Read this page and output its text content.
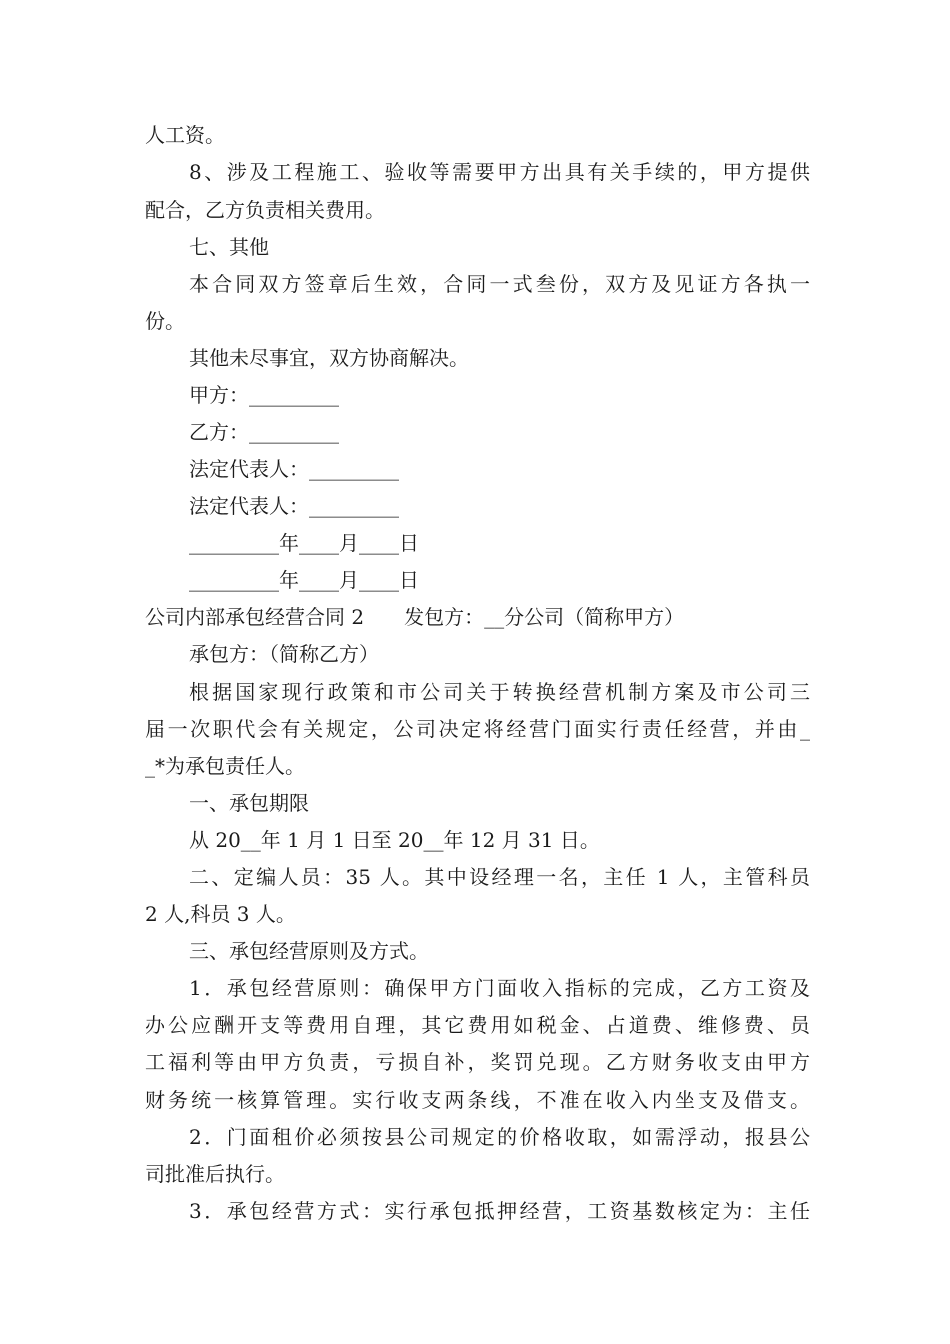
人工资。
8、涉及工程施工、验收等需要甲方出具有关手续的，甲方提供
配合，乙方负责相关费用。
七、其他
本合同双方签章后生效，合同一式叁份，双方及见证方各执一
份。
其他未尽事宜，双方协商解决。
甲方：_________
乙方：_________
法定代表人：_________
法定代表人：_________
_________年____月____日
_________年____月____日
公司内部承包经营合同 2　　发包方：__分公司（简称甲方）
承包方：（简称乙方）
根据国家现行政策和市公司关于转换经营机制方案及市公司三
届一次职代会有关规定，公司决定将经营门面实行责任经营，并由_
_*为承包责任人。
一、承包期限
从 20__年 1 月 1 日至 20__年 12 月 31 日。
二、定编人员：35 人。其中设经理一名，主任 1 人，主管科员
2 人,科员 3 人。
三、承包经营原则及方式。
1．承包经营原则：确保甲方门面收入指标的完成，乙方工资及
办公应酬开支等费用自理，其它费用如税金、占道费、维修费、员
工福利等由甲方负责，亏损自补，奖罚兑现。乙方财务收支由甲方
财务统一核算管理。实行收支两条线，不准在收入内坐支及借支。
2．门面租价必须按县公司规定的价格收取，如需浮动，报县公
司批准后执行。
3．承包经营方式：实行承包抵押经营，工资基数核定为：主任
